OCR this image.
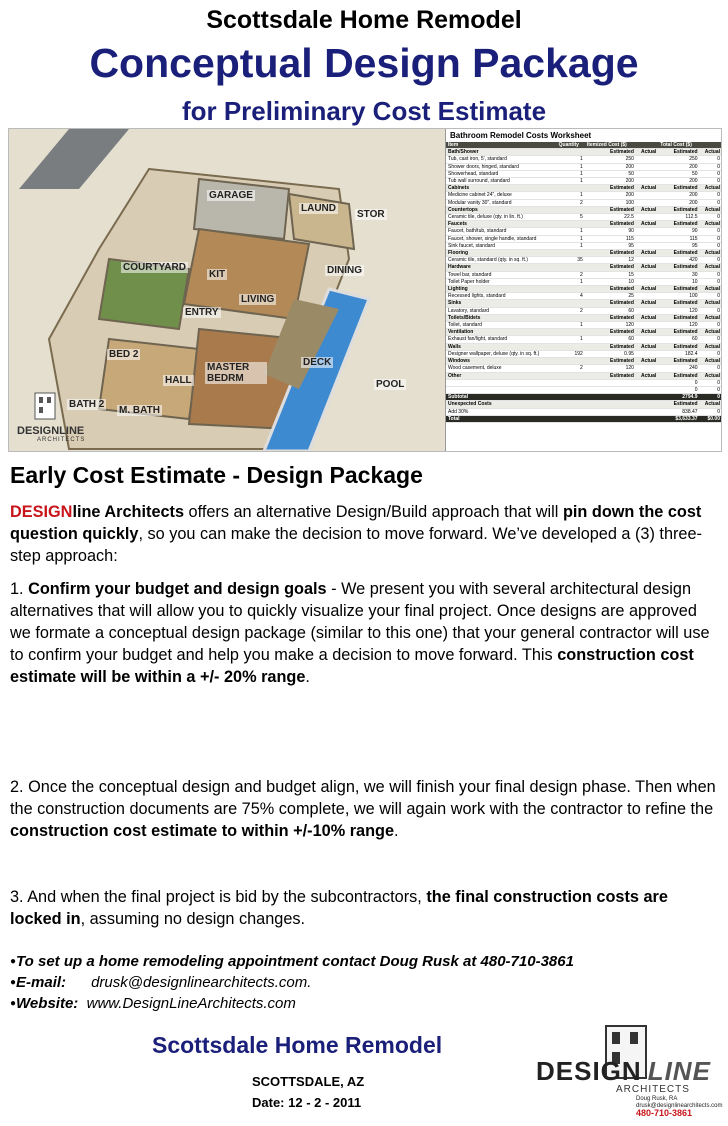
Scottsdale Home Remodel
Conceptual Design Package
for Preliminary Cost Estimate
GARAGE
LAUND
STOR
COURTYARD
KIT	DINING
LIVING
ENTRY
BED 2
HALL
MASTER BEDRM
DECK
POOL
BATH 2
M. BATH
DESIGNLINE
ARCHITECTS
Bathroom Remodel Costs Worksheet
Item	Quantity	Itemized Cost ($)		Total Cost ($)	
Bath/Shower		Estimated	Actual	Estimated	Actual
Tub, cast iron, 5', standard	1	250		250	0
Shower doors, hinged, standard	1	200		200	0
Showerhead, standard	1	50		50	0
Tub wall surround, standard	1	200		200	0
Cabinets		Estimated	Actual	Estimated	Actual
Medicine cabinet 24", deluxe	1	200		200	0
Modular vanity 30", standard	2	100		200	0
Countertops		Estimated	Actual	Estimated	Actual
Ceramic tile, deluxe (qty. in lin. ft.)	5	22.5		112.5	0
Faucets		Estimated	Actual	Estimated	Actual
Faucet, bath/tub, standard	1	90		90	0
Faucet, shower, single handle, standard	1	115		115	0
Sink faucet, standard	1	95		95	0
Flooring		Estimated	Actual	Estimated	Actual
Ceramic tile, standard (qty. in sq. ft.)	35	12		420	0
Hardware		Estimated	Actual	Estimated	Actual
Towel bar, standard	2	15		30	0
Toilet Paper holder	1	10		10	0
Lighting		Estimated	Actual	Estimated	Actual
Recessed lights, standard	4	25		100	0
Sinks		Estimated	Actual	Estimated	Actual
Lavatory, standard	2	60		120	0
Toilets/Bidets		Estimated	Actual	Estimated	Actual
Toilet, standard	1	120		120	0
Ventilation		Estimated	Actual	Estimated	Actual
Exhaust fan/light, standard	1	60		60	0
Walls		Estimated	Actual	Estimated	Actual
Designer wallpaper, deluxe (qty. in sq. ft.)	192	0.95		182.4	0
Windows		Estimated	Actual	Estimated	Actual
Wood casement, deluxe	2	120		240	0
Other		Estimated	Actual	Estimated	Actual
				0	0
				0	0
Subtotal				2794.9	0
Unexpected Costs				Estimated	Actual
Add 30%				838.47	0
Total				$3,633.37	$0.00
Early Cost Estimate - Design Package
DESIGNline Architects offers an alternative Design/Build approach that will pin down the cost question quickly, so you can make the decision to move forward. We’ve developed a (3) three-step approach:
1. Confirm your budget and design goals - We present you with several architectural design alternatives that will allow you to quickly visualize your final project. Once designs are approved we formate a conceptual design package (similar to this one) that your general contractor will use to confirm your budget and help you make a decision to move forward. This construction cost estimate will be within a +/- 20% range.
2. Once the conceptual design and budget align, we will finish your final design phase. Then when the construction documents are 75% complete, we will again work with the contractor to refine the construction cost estimate to within +/-10% range.
3. And when the final project is bid by the subcontractors, the final construction costs are locked in, assuming no design changes.
●To set up a home remodeling appointment contact Doug Rusk at 480-710-3861
●E-mail: drusk@designlinearchitects.com.
●Website: www.DesignLineArchitects.com
Scottsdale Home Remodel
SCOTTSDALE, AZ
Date: 12 - 2 - 2011
DESIGN LINE
ARCHITECTS
Doug Rusk, RA
drusk@designlinearchitects.com
480-710-3861
